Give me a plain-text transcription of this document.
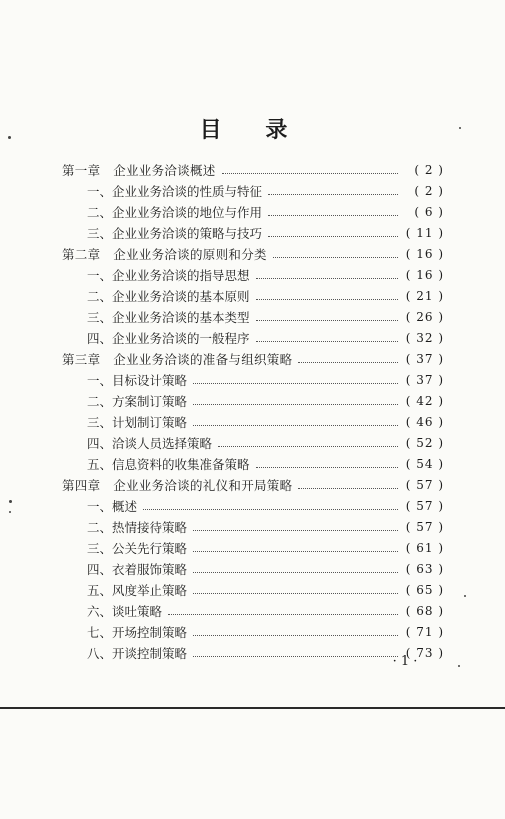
目 录
第一章　企业业务洽谈概述	( 2 )
一、企业业务洽谈的性质与特征	( 2 )
二、企业业务洽谈的地位与作用	( 6 )
三、企业业务洽谈的策略与技巧	( 11 )
第二章　企业业务洽谈的原则和分类	( 16 )
一、企业业务洽谈的指导思想	( 16 )
二、企业业务洽谈的基本原则	( 21 )
三、企业业务洽谈的基本类型	( 26 )
四、企业业务洽谈的一般程序	( 32 )
第三章　企业业务洽谈的准备与组织策略	( 37 )
一、目标设计策略	( 37 )
二、方案制订策略	( 42 )
三、计划制订策略	( 46 )
四、洽谈人员选择策略	( 52 )
五、信息资料的收集准备策略	( 54 )
第四章　企业业务洽谈的礼仪和开局策略	( 57 )
一、概述	( 57 )
二、热情接待策略	( 57 )
三、公关先行策略	( 61 )
四、衣着服饰策略	( 63 )
五、风度举止策略	( 65 )
六、谈吐策略	( 68 )
七、开场控制策略	( 71 )
八、开谈控制策略	( 73 )
· 1 ·
